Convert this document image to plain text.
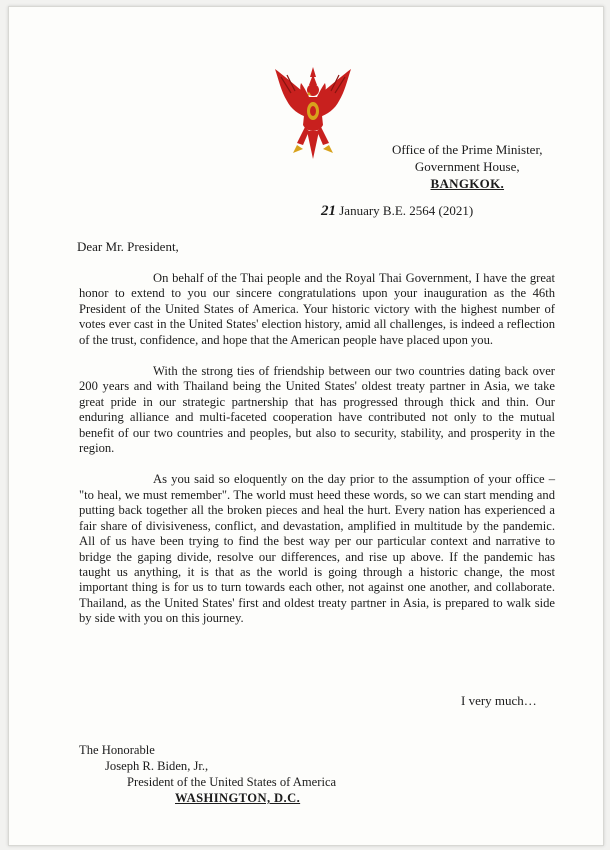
Office of the Prime Minister,
Government House,
BANGKOK.
21 January B.E. 2564 (2021)
Dear Mr. President,

On behalf of the Thai people and the Royal Thai Government, I have the great honor to extend to you our sincere congratulations upon your inauguration as the 46th President of the United States of America. Your historic victory with the highest number of votes ever cast in the United States' election history, amid all challenges, is indeed a reflection of the trust, confidence, and hope that the American people have placed upon you.

With the strong ties of friendship between our two countries dating back over 200 years and with Thailand being the United States' oldest treaty partner in Asia, we take great pride in our strategic partnership that has progressed through thick and thin. Our enduring alliance and multi-faceted cooperation have contributed not only to the mutual benefit of our two countries and peoples, but also to security, stability, and prosperity in the region.

As you said so eloquently on the day prior to the assumption of your office – "to heal, we must remember". The world must heed these words, so we can start mending and putting back together all the broken pieces and heal the hurt. Every nation has experienced a fair share of divisiveness, conflict, and devastation, amplified in multitude by the pandemic. All of us have been trying to find the best way per our particular context and narrative to bridge the gaping divide, resolve our differences, and rise up above. If the pandemic has taught us anything, it is that as the world is going through a historic change, the most important thing is for us to turn towards each other, not against one another, and collaborate. Thailand, as the United States' first and oldest treaty partner in Asia, is prepared to walk side by side with you on this journey.

I very much…
The Honorable
Joseph R. Biden, Jr.,
President of the United States of America
WASHINGTON, D.C.
